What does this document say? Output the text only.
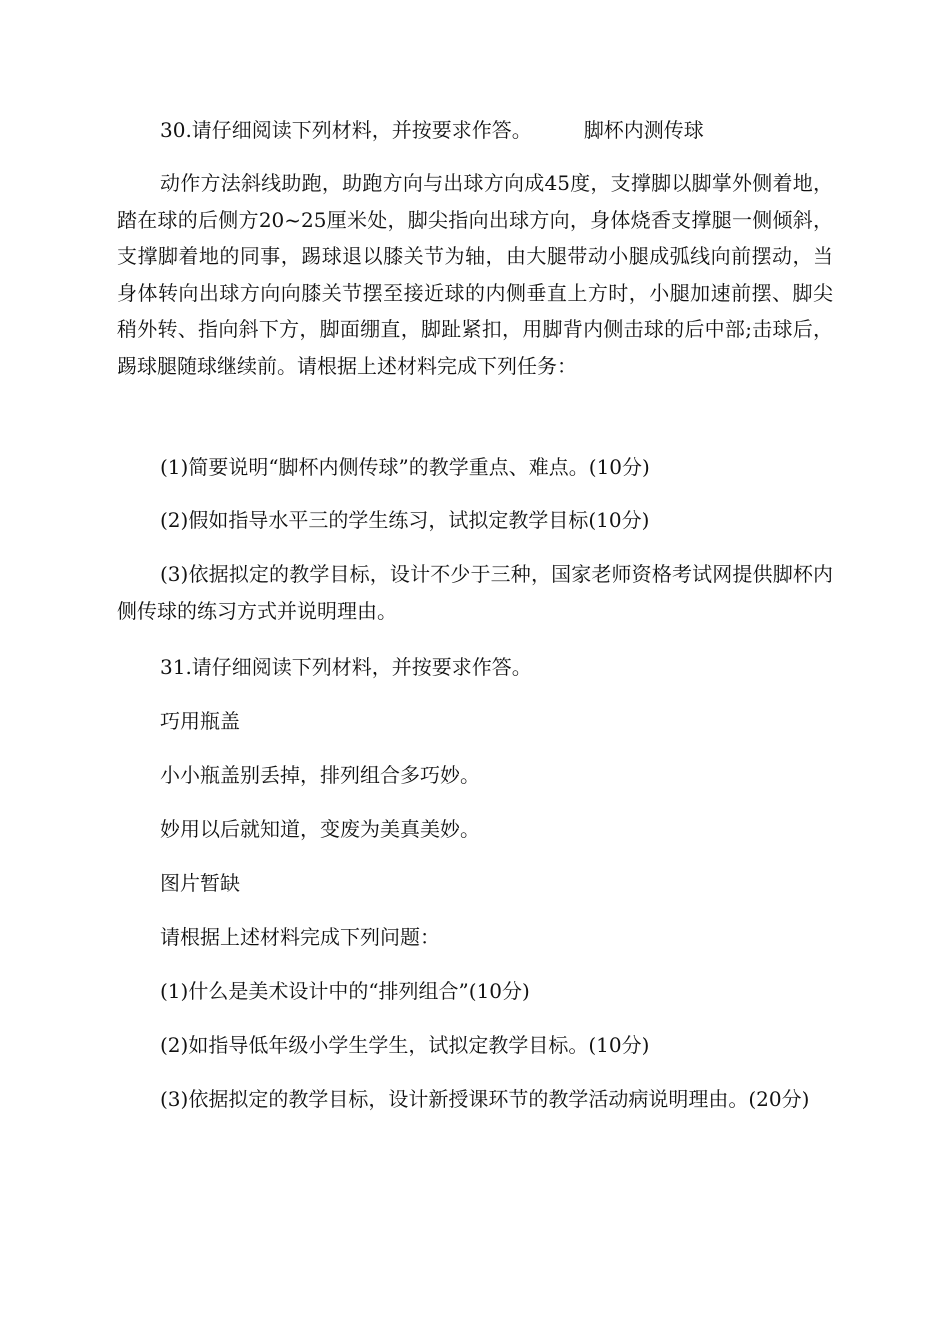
30.请仔细阅读下列材料，并按要求作答。	脚杯内测传球

动作方法斜线助跑，助跑方向与出球方向成45度，支撑脚以脚掌外侧着地，踏在球的后侧方20~25厘米处，脚尖指向出球方向，身体烧香支撑腿一侧倾斜，支撑脚着地的同事，踢球退以膝关节为轴，由大腿带动小腿成弧线向前摆动，当身体转向出球方向向膝关节摆至接近球的内侧垂直上方时，小腿加速前摆、脚尖稍外转、指向斜下方，脚面绷直，脚趾紧扣，用脚背内侧击球的后中部;击球后，踢球腿随球继续前。请根据上述材料完成下列任务：

(1)简要说明“脚杯内侧传球”的教学重点、难点。(10分)

(2)假如指导水平三的学生练习，试拟定教学目标(10分)

(3)依据拟定的教学目标，设计不少于三种，国家老师资格考试网提供脚杯内侧传球的练习方式并说明理由。

31.请仔细阅读下列材料，并按要求作答。

巧用瓶盖

小小瓶盖别丢掉，排列组合多巧妙。

妙用以后就知道，变废为美真美妙。

图片暂缺

请根据上述材料完成下列问题：

(1)什么是美术设计中的“排列组合”(10分)

(2)如指导低年级小学生学生，试拟定教学目标。(10分)

(3)依据拟定的教学目标，设计新授课环节的教学活动病说明理由。(20分)
